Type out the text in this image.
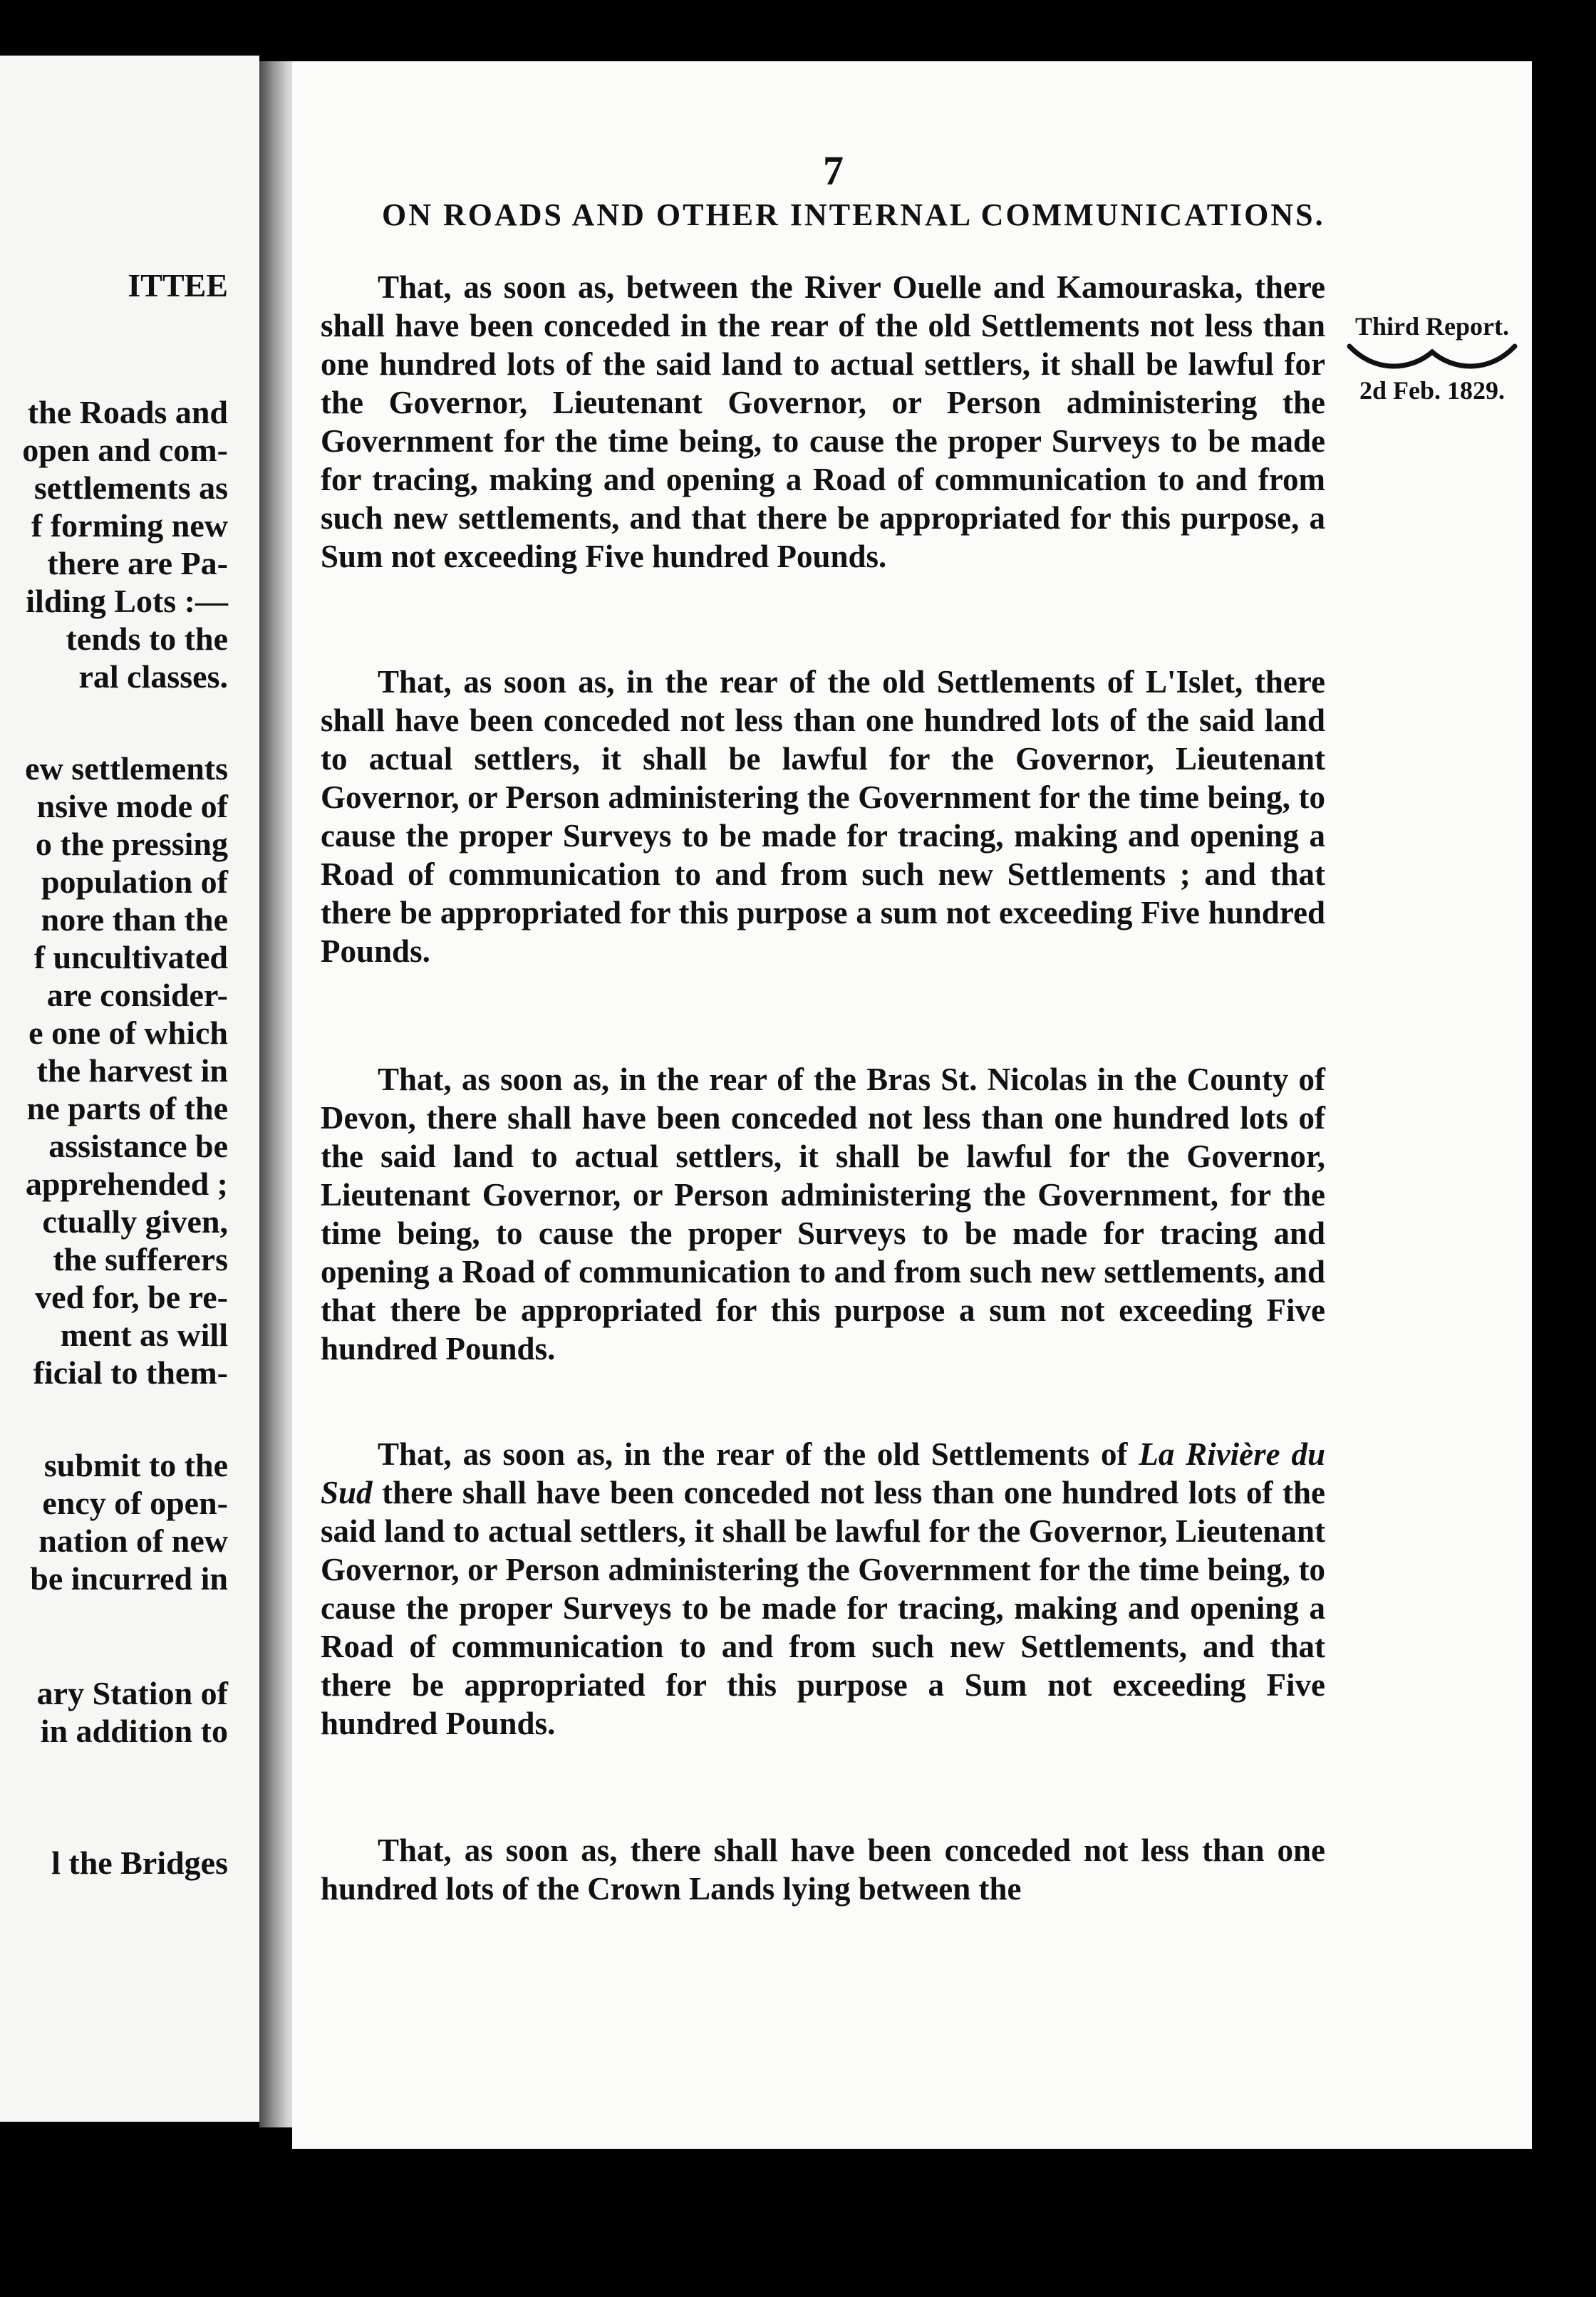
ITTEE
the Roads and
open and com-
settlements as
f forming new
there are Pa-
ilding Lots :—
tends to the
ral classes.
ew settlements
nsive mode of
o the pressing
population of
nore than the
f uncultivated
are consider-
e one of which
the harvest in
ne parts of the
assistance be
apprehended ;
ctually given,
the sufferers
ved for, be re-
ment as will
ficial to them-
submit to the
ency of open-
nation of new
be incurred in
ary Station of
in addition to
l the Bridges
7
ON ROADS AND OTHER INTERNAL COMMUNICATIONS.
Third Report.
2d Feb. 1829.
That, as soon as, between the River Ouelle and Kamouraska, there shall have been conceded in the rear of the old Settlements not less than one hundred lots of the said land to actual settlers, it shall be lawful for the Governor, Lieutenant Governor, or Person administering the Government for the time being, to cause the proper Surveys to be made for tracing, making and opening a Road of communication to and from such new settlements, and that there be appropriated for this purpose, a Sum not exceeding Five hundred Pounds.
That, as soon as, in the rear of the old Settlements of L'Islet, there shall have been conceded not less than one hundred lots of the said land to actual settlers, it shall be lawful for the Governor, Lieutenant Governor, or Person administering the Government for the time being, to cause the proper Surveys to be made for tracing, making and opening a Road of communication to and from such new Settlements ; and that there be appropriated for this purpose a sum not exceeding Five hundred Pounds.
That, as soon as, in the rear of the Bras St. Nicolas in the County of Devon, there shall have been conceded not less than one hundred lots of the said land to actual settlers, it shall be lawful for the Governor, Lieutenant Governor, or Person administering the Government, for the time being, to cause the proper Surveys to be made for tracing and opening a Road of communication to and from such new settlements, and that there be appropriated for this purpose a sum not exceeding Five hundred Pounds.
That, as soon as, in the rear of the old Settlements of La Rivière du Sud there shall have been conceded not less than one hundred lots of the said land to actual settlers, it shall be lawful for the Governor, Lieutenant Governor, or Person administering the Government for the time being, to cause the proper Surveys to be made for tracing, making and opening a Road of communication to and from such new Settlements, and that there be appropriated for this purpose a Sum not exceeding Five hundred Pounds.
That, as soon as, there shall have been conceded not less than one hundred lots of the Crown Lands lying between the
